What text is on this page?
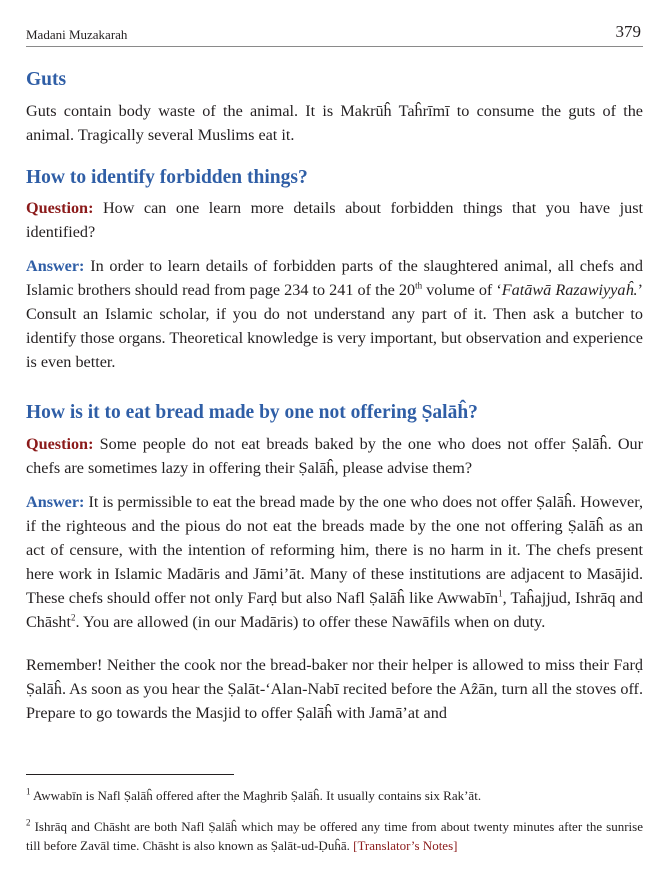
Madani Muzakarah	379
Guts

Guts contain body waste of the animal. It is Makrūĥ Taĥrīmī to consume the guts of the animal. Tragically several Muslims eat it.

How to identify forbidden things?

Question: How can one learn more details about forbidden things that you have just identified?

Answer: In order to learn details of forbidden parts of the slaughtered animal, all chefs and Islamic brothers should read from page 234 to 241 of the 20th volume of ‘Fatāwā Razawiyyaĥ.’ Consult an Islamic scholar, if you do not understand any part of it. Then ask a butcher to identify those organs. Theoretical knowledge is very important, but observation and experience is even better.

How is it to eat bread made by one not offering Ṣalāĥ?

Question: Some people do not eat breads baked by the one who does not offer Ṣalāĥ. Our chefs are sometimes lazy in offering their Ṣalāĥ, please advise them?

Answer: It is permissible to eat the bread made by the one who does not offer Ṣalāĥ. However, if the righteous and the pious do not eat the breads made by the one not offering Ṣalāĥ as an act of censure, with the intention of reforming him, there is no harm in it. The chefs present here work in Islamic Madāris and Jāmi’āt. Many of these institutions are adjacent to Masājid. These chefs should offer not only Farḍ but also Nafl Ṣalāĥ like Awwabīn$^1$, Taĥajjud, Ishrāq and Chāsht$^2$. You are allowed (in our Madāris) to offer these Nawāfils when on duty.

Remember! Neither the cook nor the bread-baker nor their helper is allowed to miss their Farḍ Ṣalāĥ. As soon as you hear the Ṣalāt-‘Alan-Nabī recited before the Aẑān, turn all the stoves off. Prepare to go towards the Masjid to offer Ṣalāĥ with Jamā’at and

$^1$ Awwabīn is Nafl Ṣalāĥ offered after the Maghrib Ṣalāĥ. It usually contains six Rak’āt.

$^2$ Ishrāq and Chāsht are both Nafl Ṣalāĥ which may be offered any time from about twenty minutes after the sunrise till before Zavāl time. Chāsht is also known as Ṣalāt-ud-Ḍuĥā. [Translator’s Notes]
